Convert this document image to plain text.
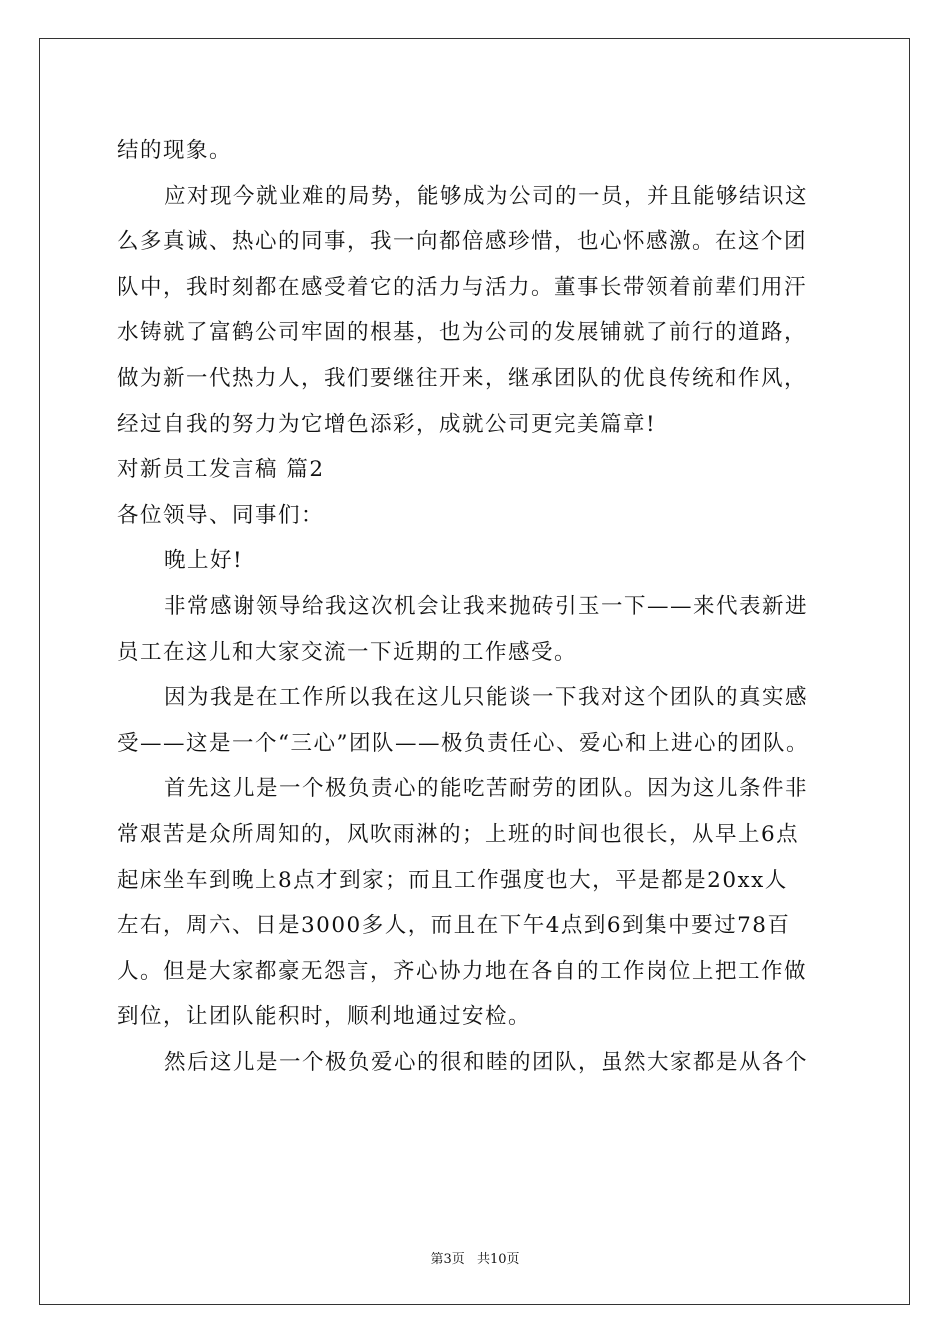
结的现象。
应对现今就业难的局势，能够成为公司的一员，并且能够结识这
么多真诚、热心的同事，我一向都倍感珍惜，也心怀感激。在这个团
队中，我时刻都在感受着它的活力与活力。董事长带领着前辈们用汗
水铸就了富鹤公司牢固的根基，也为公司的发展铺就了前行的道路，
做为新一代热力人，我们要继往开来，继承团队的优良传统和作风，
经过自我的努力为它增色添彩，成就公司更完美篇章!
对新员工发言稿 篇2
各位领导、同事们：
晚上好!
非常感谢领导给我这次机会让我来抛砖引玉一下——来代表新进
员工在这儿和大家交流一下近期的工作感受。
因为我是在工作所以我在这儿只能谈一下我对这个团队的真实感
受——这是一个“三心”团队——极负责任心、爱心和上进心的团队。
首先这儿是一个极负责心的能吃苦耐劳的团队。因为这儿条件非
常艰苦是众所周知的，风吹雨淋的；上班的时间也很长，从早上6点
起床坐车到晚上8点才到家；而且工作强度也大，平是都是20xx人
左右，周六、日是3000多人，而且在下午4点到6到集中要过78百
人。但是大家都豪无怨言，齐心协力地在各自的工作岗位上把工作做
到位，让团队能积时，顺利地通过安检。
然后这儿是一个极负爱心的很和睦的团队，虽然大家都是从各个
第3页 共10页
